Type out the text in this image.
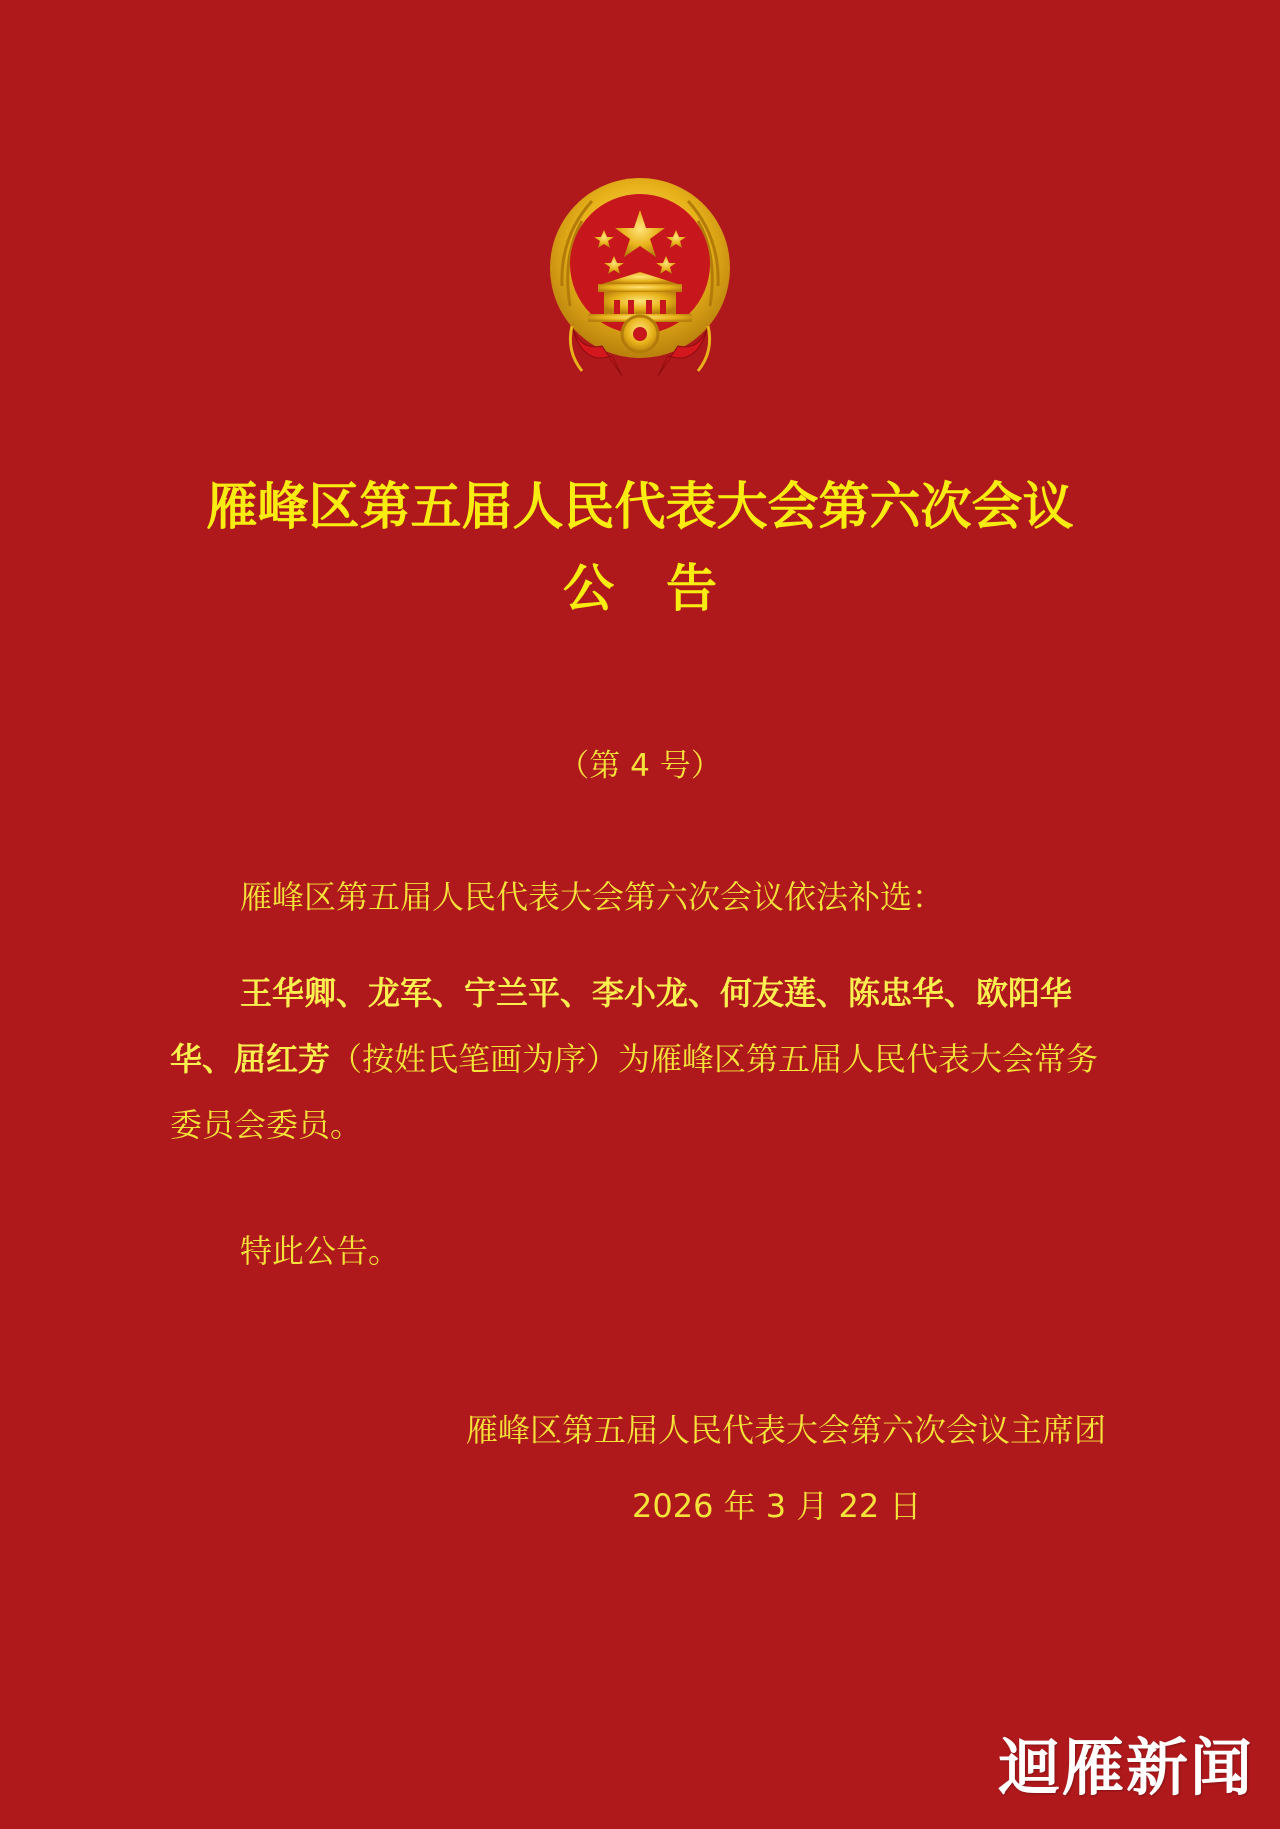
雁峰区第五届人民代表大会第六次会议
公 告
（第 4 号）

雁峰区第五届人民代表大会第六次会议依法补选：

王华卿、龙军、宁兰平、李小龙、何友莲、陈忠华、欧阳华华、屈红芳（按姓氏笔画为序）为雁峰区第五届人民代表大会常务委员会委员。

特此公告。

雁峰区第五届人民代表大会第六次会议主席团
2026 年 3 月 22 日
迴雁新闻
